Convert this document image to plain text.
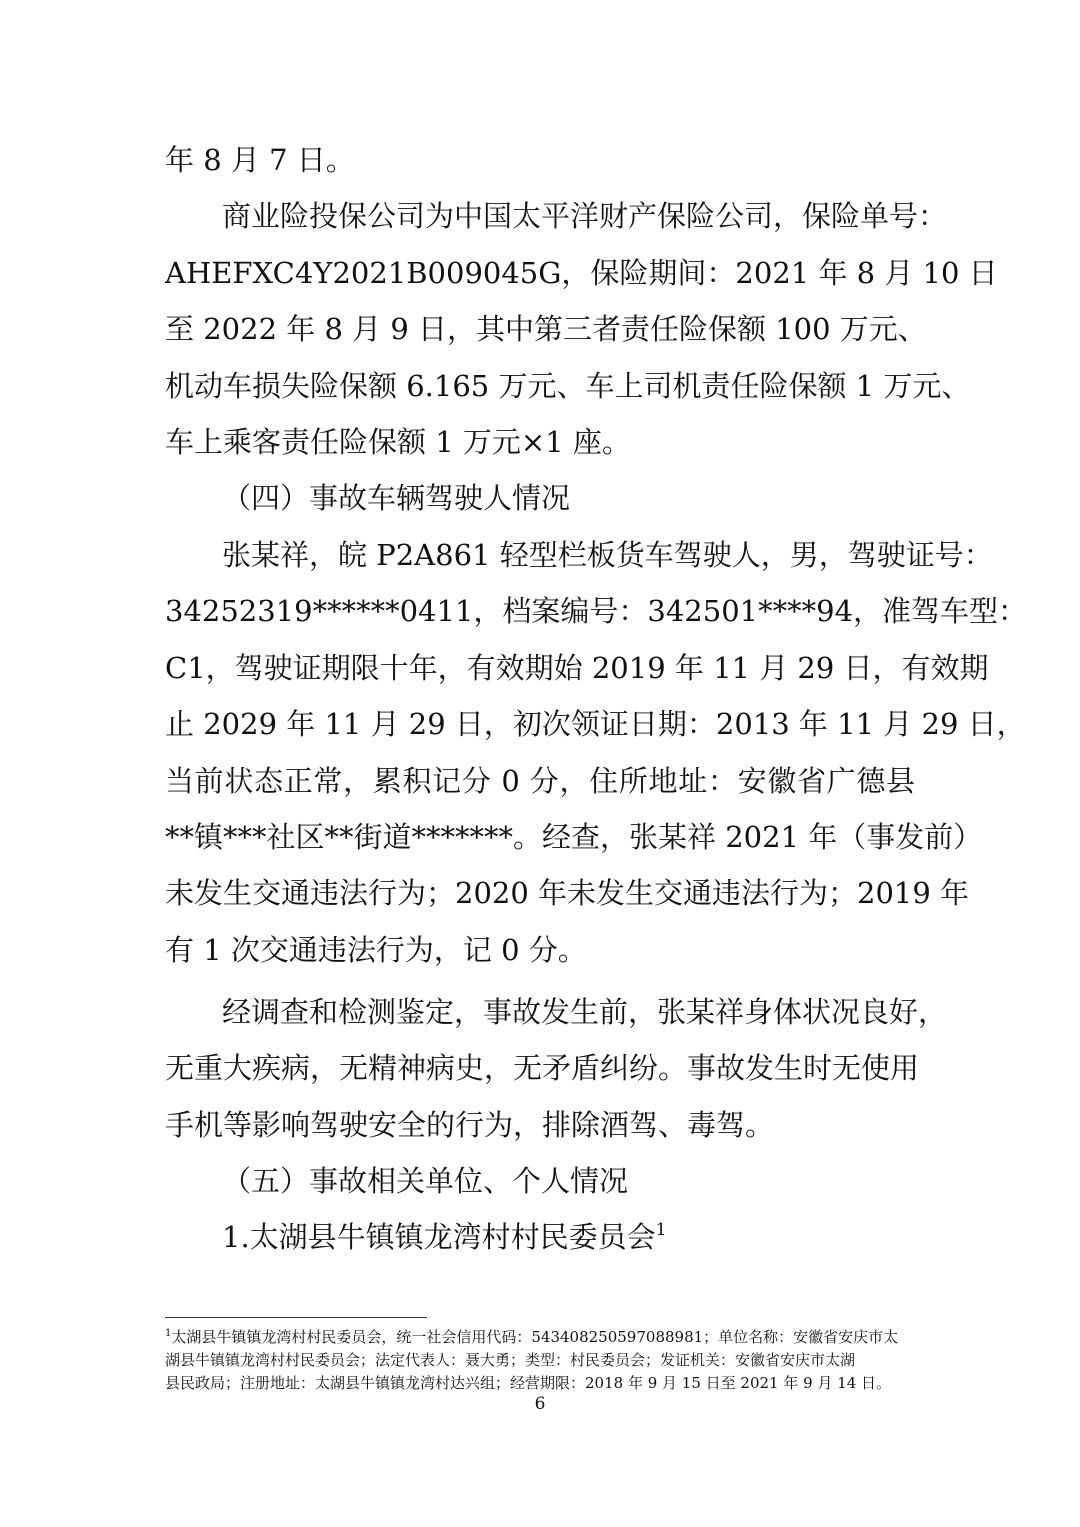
年 8 月 7 日。
商业险投保公司为中国太平洋财产保险公司，保险单号：
AHEFXC4Y2021B009045G，保险期间：2021 年 8 月 10 日
至 2022 年 8 月 9 日，其中第三者责任险保额 100 万元、
机动车损失险保额 6.165 万元、车上司机责任险保额 1 万元、
车上乘客责任险保额 1 万元×1 座。
（四）事故车辆驾驶人情况
张某祥，皖 P2A861 轻型栏板货车驾驶人，男，驾驶证号：
34252319******0411，档案编号：342501****94，准驾车型：
C1，驾驶证期限十年，有效期始 2019 年 11 月 29 日，有效期
止 2029 年 11 月 29 日，初次领证日期：2013 年 11 月 29 日，
当前状态正常，累积记分 0 分，住所地址：安徽省广德县
**镇***社区**街道*******。经查，张某祥 2021 年（事发前）
未发生交通违法行为；2020 年未发生交通违法行为；2019 年
有 1 次交通违法行为，记 0 分。
经调查和检测鉴定，事故发生前，张某祥身体状况良好，
无重大疾病，无精神病史，无矛盾纠纷。事故发生时无使用
手机等影响驾驶安全的行为，排除酒驾、毒驾。
（五）事故相关单位、个人情况
1.太湖县牛镇镇龙湾村村民委员会$^1$
$^1$太湖县牛镇镇龙湾村村民委员会，统一社会信用代码：543408250597088981；单位名称：安徽省安庆市太
湖县牛镇镇龙湾村村民委员会；法定代表人：聂大勇；类型：村民委员会；发证机关：安徽省安庆市太湖
县民政局；注册地址：太湖县牛镇镇龙湾村达兴组；经营期限：2018 年 9 月 15 日至 2021 年 9 月 14 日。
6
